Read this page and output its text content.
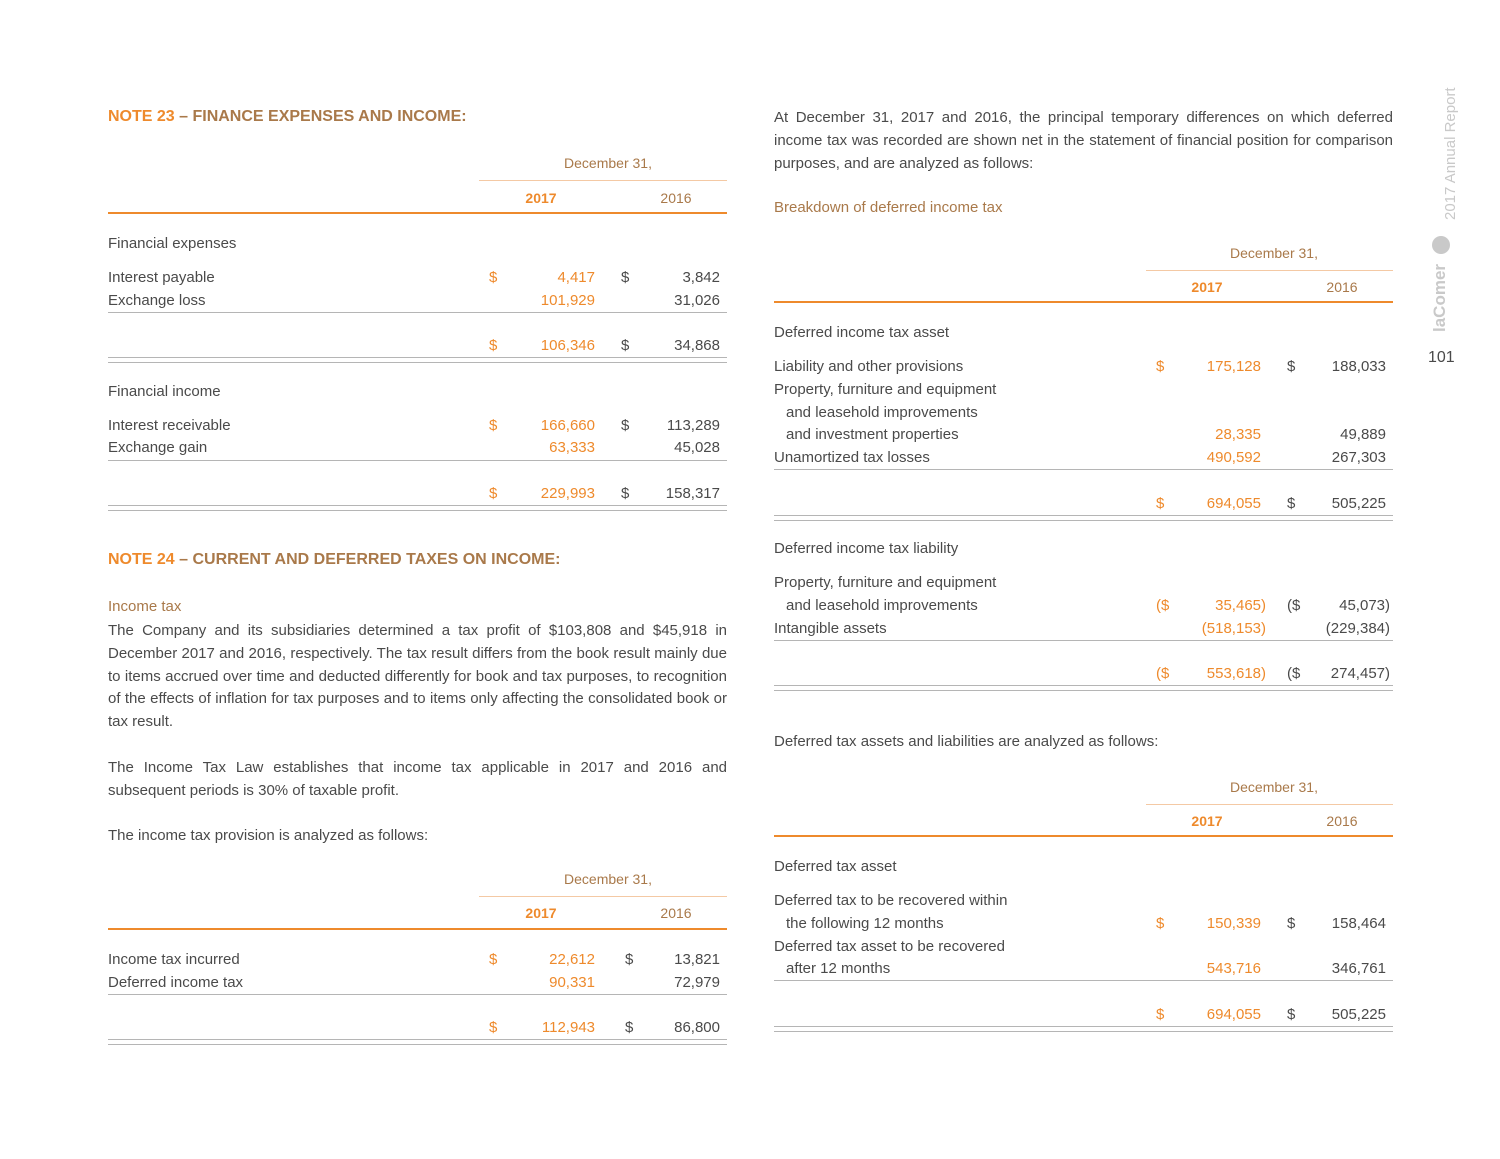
2017 Annual Report
laComer
101
NOTE 23 – FINANCE EXPENSES AND INCOME:
December 31,
2017	2016
Financial expenses
Interest payable	$	4,417 $	3,842
Exchange loss	101,929	31,026
$	106,346 $	34,868
Financial income
Interest receivable	$	166,660 $	113,289
Exchange gain	63,333	45,028
$	229,993 $	158,317
NOTE 24 – CURRENT AND DEFERRED TAXES ON INCOME:
Income tax
The Company and its subsidiaries determined a tax profit of $103,808 and $45,918 in December 2017 and 2016, respectively. The tax result differs from the book result mainly due to items accrued over time and deducted differently for book and tax purposes, to recognition of the effects of inflation for tax purposes and to items only affecting the consolidated book or tax result.
The Income Tax Law establishes that income tax applicable in 2017 and 2016 and subsequent periods is 30% of taxable profit.
The income tax provision is analyzed as follows:
December 31,
2017	2016
Income tax incurred	$	22,612 $	13,821
Deferred income tax	90,331	72,979
$	112,943 $	86,800
At December 31, 2017 and 2016, the principal temporary differences on which deferred income tax was recorded are shown net in the statement of financial position for comparison purposes, and are analyzed as follows:
Breakdown of deferred income tax
December 31,
2017	2016
Deferred income tax asset
Liability and other provisions	$	175,128 $	188,033
Property, furniture and equipment
and leasehold improvements
and investment properties	28,335	49,889
Unamortized tax losses	490,592	267,303
$	694,055 $	505,225
Deferred income tax liability
Property, furniture and equipment
and leasehold improvements	($	35,465) ($	45,073)
Intangible assets	(518,153)	(229,384)
($	553,618) ($	274,457)
Deferred tax assets and liabilities are analyzed as follows:
December 31,
2017	2016
Deferred tax asset
Deferred tax to be recovered within
the following 12 months	$	150,339 $	158,464
Deferred tax asset to be recovered
after 12 months	543,716	346,761
$	694,055 $	505,225
